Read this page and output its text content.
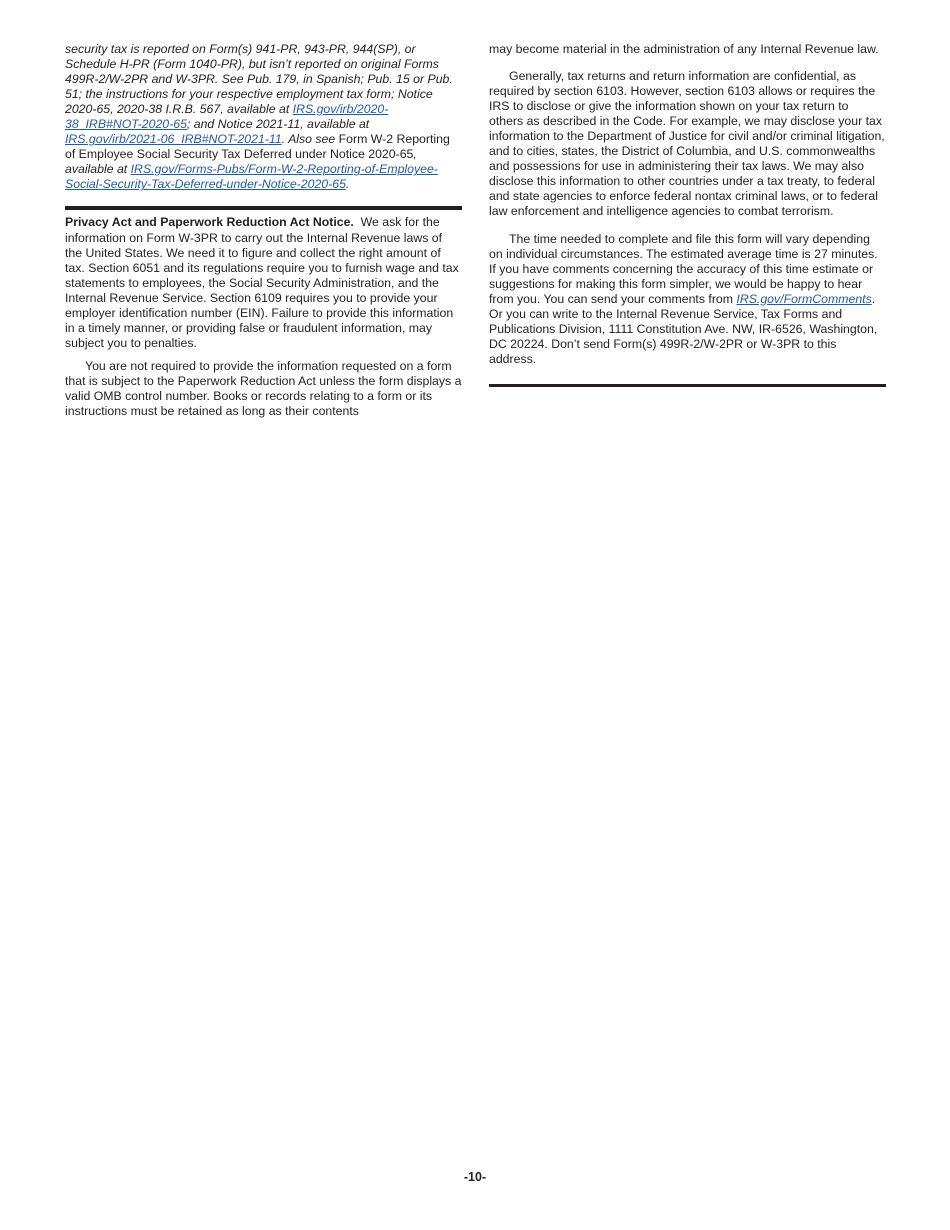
security tax is reported on Form(s) 941-PR, 943-PR, 944(SP), or Schedule H-PR (Form 1040-PR), but isn’t reported on original Forms 499R-2/W-2PR and W-3PR. See Pub. 179, in Spanish; Pub. 15 or Pub. 51; the instructions for your respective employment tax form; Notice 2020-65, 2020-38 I.R.B. 567, available at IRS.gov/irb/2020-38_IRB#NOT-2020-65; and Notice 2021-11, available at IRS.gov/irb/2021-06_IRB#NOT-2021-11. Also see Form W-2 Reporting of Employee Social Security Tax Deferred under Notice 2020-65, available at IRS.gov/Forms-Pubs/Form-W-2-Reporting-of-Employee-Social-Security-Tax-Deferred-under-Notice-2020-65.

Privacy Act and Paperwork Reduction Act Notice. We ask for the information on Form W-3PR to carry out the Internal Revenue laws of the United States. We need it to figure and collect the right amount of tax. Section 6051 and its regulations require you to furnish wage and tax statements to employees, the Social Security Administration, and the Internal Revenue Service. Section 6109 requires you to provide your employer identification number (EIN). Failure to provide this information in a timely manner, or providing false or fraudulent information, may subject you to penalties.

You are not required to provide the information requested on a form that is subject to the Paperwork Reduction Act unless the form displays a valid OMB control number. Books or records relating to a form or its instructions must be retained as long as their contents

may become material in the administration of any Internal Revenue law.

Generally, tax returns and return information are confidential, as required by section 6103. However, section 6103 allows or requires the IRS to disclose or give the information shown on your tax return to others as described in the Code. For example, we may disclose your tax information to the Department of Justice for civil and/or criminal litigation, and to cities, states, the District of Columbia, and U.S. commonwealths and possessions for use in administering their tax laws. We may also disclose this information to other countries under a tax treaty, to federal and state agencies to enforce federal nontax criminal laws, or to federal law enforcement and intelligence agencies to combat terrorism.

The time needed to complete and file this form will vary depending on individual circumstances. The estimated average time is 27 minutes. If you have comments concerning the accuracy of this time estimate or suggestions for making this form simpler, we would be happy to hear from you. You can send your comments from IRS.gov/FormComments. Or you can write to the Internal Revenue Service, Tax Forms and Publications Division, 1111 Constitution Ave. NW, IR-6526, Washington, DC 20224. Don’t send Form(s) 499R-2/W-2PR or W-3PR to this address.

-10-
